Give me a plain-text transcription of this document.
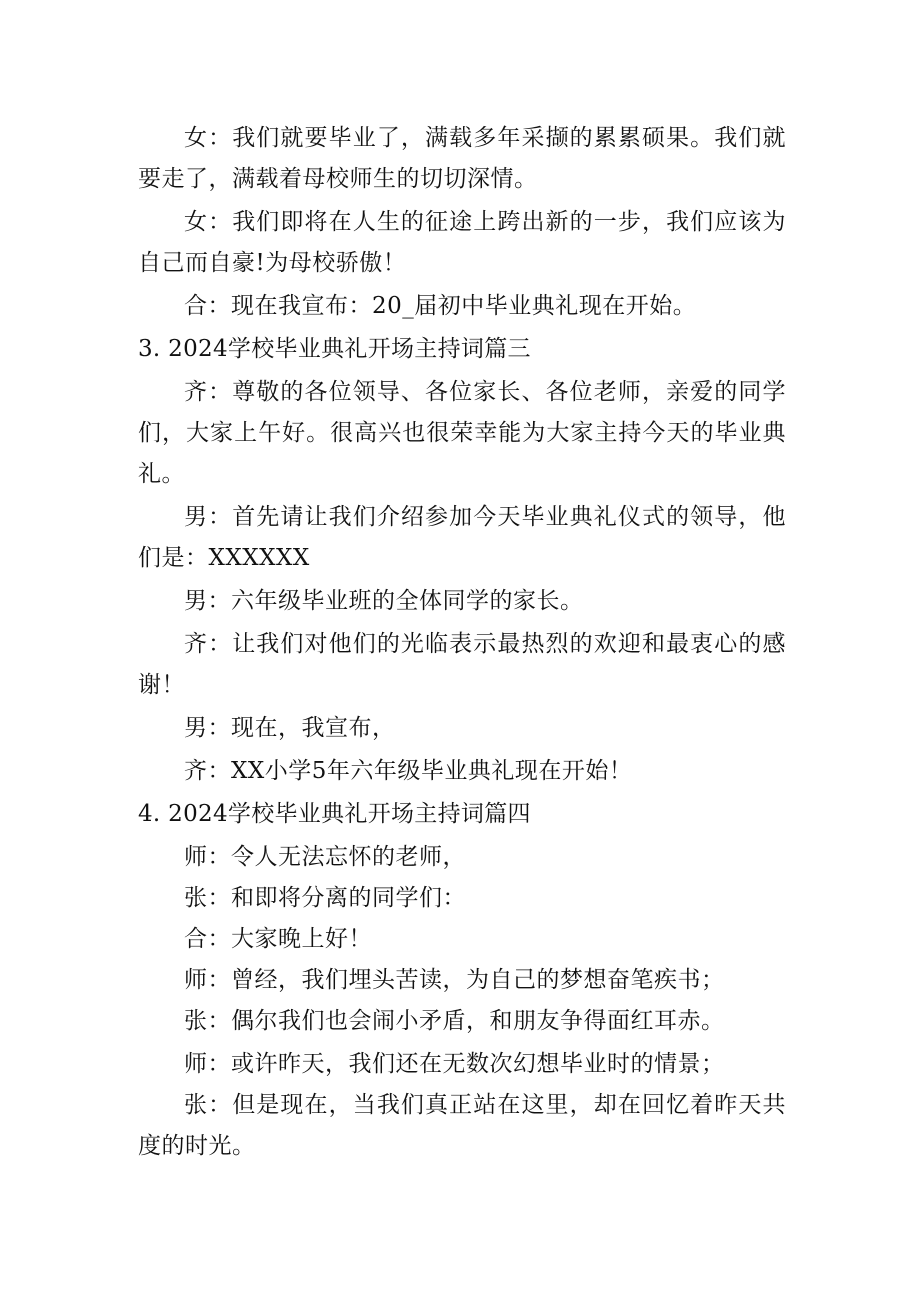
女：我们就要毕业了，满载多年采撷的累累硕果。我们就要走了，满载着母校师生的切切深情。

女：我们即将在人生的征途上跨出新的一步，我们应该为自己而自豪!为母校骄傲！

合：现在我宣布：20_届初中毕业典礼现在开始。

3. 2024学校毕业典礼开场主持词篇三

齐：尊敬的各位领导、各位家长、各位老师，亲爱的同学们，大家上午好。很高兴也很荣幸能为大家主持今天的毕业典礼。

男：首先请让我们介绍参加今天毕业典礼仪式的领导，他们是：XXXXXX

男：六年级毕业班的全体同学的家长。

齐：让我们对他们的光临表示最热烈的欢迎和最衷心的感谢！

男：现在，我宣布，

齐：XX小学5年六年级毕业典礼现在开始！

4. 2024学校毕业典礼开场主持词篇四

师：令人无法忘怀的老师，

张：和即将分离的同学们：

合：大家晚上好！

师：曾经，我们埋头苦读，为自己的梦想奋笔疾书；

张：偶尔我们也会闹小矛盾，和朋友争得面红耳赤。

师：或许昨天，我们还在无数次幻想毕业时的情景；

张：但是现在，当我们真正站在这里，却在回忆着昨天共度的时光。
